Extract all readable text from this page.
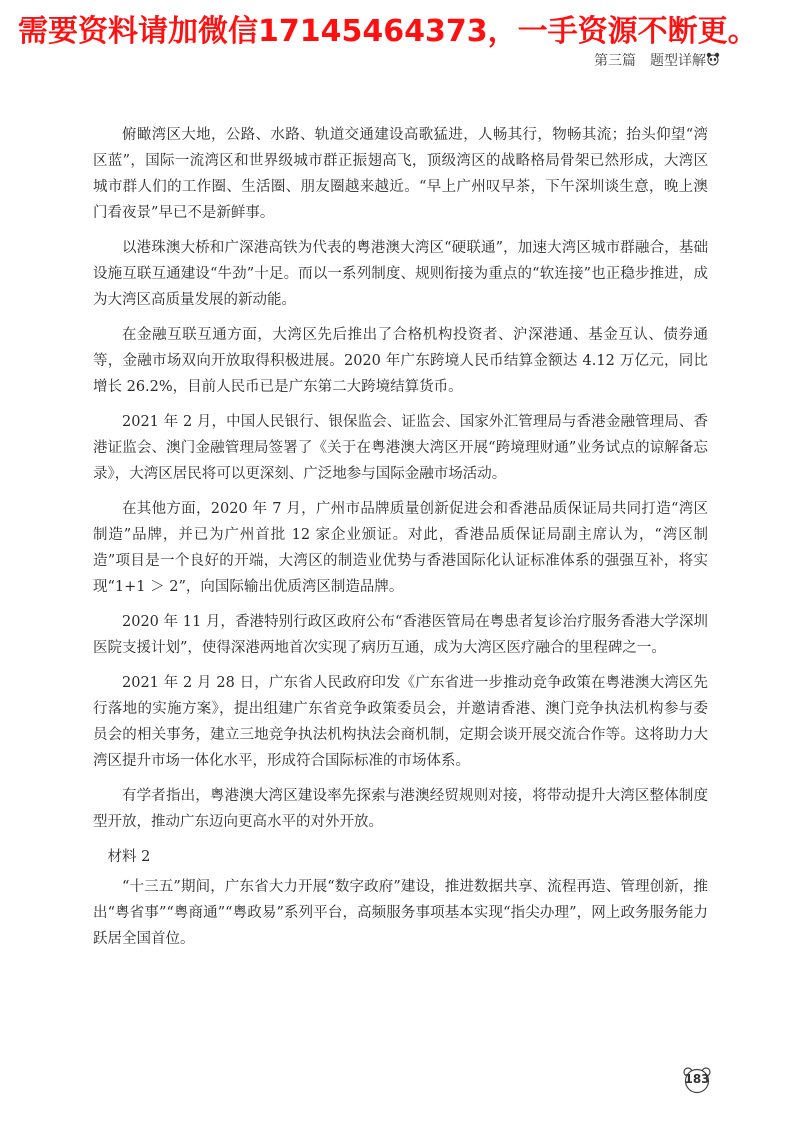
需要资料请加微信17145464373，一手资源不断更。
第三篇　题型详解

俯瞰湾区大地，公路、水路、轨道交通建设高歌猛进，人畅其行，物畅其流；抬头仰望“湾区蓝”，国际一流湾区和世界级城市群正振翅高飞，顶级湾区的战略格局骨架已然形成，大湾区城市群人们的工作圈、生活圈、朋友圈越来越近。“早上广州叹早茶，下午深圳谈生意，晚上澳门看夜景”早已不是新鲜事。

以港珠澳大桥和广深港高铁为代表的粤港澳大湾区“硬联通”，加速大湾区城市群融合，基础设施互联互通建设“牛劲”十足。而以一系列制度、规则衔接为重点的“软连接”也正稳步推进，成为大湾区高质量发展的新动能。

在金融互联互通方面，大湾区先后推出了合格机构投资者、沪深港通、基金互认、债券通等，金融市场双向开放取得积极进展。2020 年广东跨境人民币结算金额达 4.12 万亿元，同比增长 26.2%，目前人民币已是广东第二大跨境结算货币。

2021 年 2 月，中国人民银行、银保监会、证监会、国家外汇管理局与香港金融管理局、香港证监会、澳门金融管理局签署了《关于在粤港澳大湾区开展“跨境理财通”业务试点的谅解备忘录》，大湾区居民将可以更深刻、广泛地参与国际金融市场活动。

在其他方面，2020 年 7 月，广州市品牌质量创新促进会和香港品质保证局共同打造“湾区制造”品牌，并已为广州首批 12 家企业颁证。对此，香港品质保证局副主席认为，“湾区制造”项目是一个良好的开端，大湾区的制造业优势与香港国际化认证标准体系的强强互补，将实现“1+1 ＞ 2”，向国际输出优质湾区制造品牌。

2020 年 11 月，香港特别行政区政府公布“香港医管局在粤患者复诊治疗服务香港大学深圳医院支援计划”，使得深港两地首次实现了病历互通，成为大湾区医疗融合的里程碑之一。

2021 年 2 月 28 日，广东省人民政府印发《广东省进一步推动竞争政策在粤港澳大湾区先行落地的实施方案》，提出组建广东省竞争政策委员会，并邀请香港、澳门竞争执法机构参与委员会的相关事务，建立三地竞争执法机构执法会商机制，定期会谈开展交流合作等。这将助力大湾区提升市场一体化水平，形成符合国际标准的市场体系。

有学者指出，粤港澳大湾区建设率先探索与港澳经贸规则对接，将带动提升大湾区整体制度型开放，推动广东迈向更高水平的对外开放。

材料 2

“十三五”期间，广东省大力开展“数字政府”建设，推进数据共享、流程再造、管理创新，推出“粤省事”“粤商通”“粤政易”系列平台，高频服务事项基本实现“指尖办理”，网上政务服务能力跃居全国首位。

183
